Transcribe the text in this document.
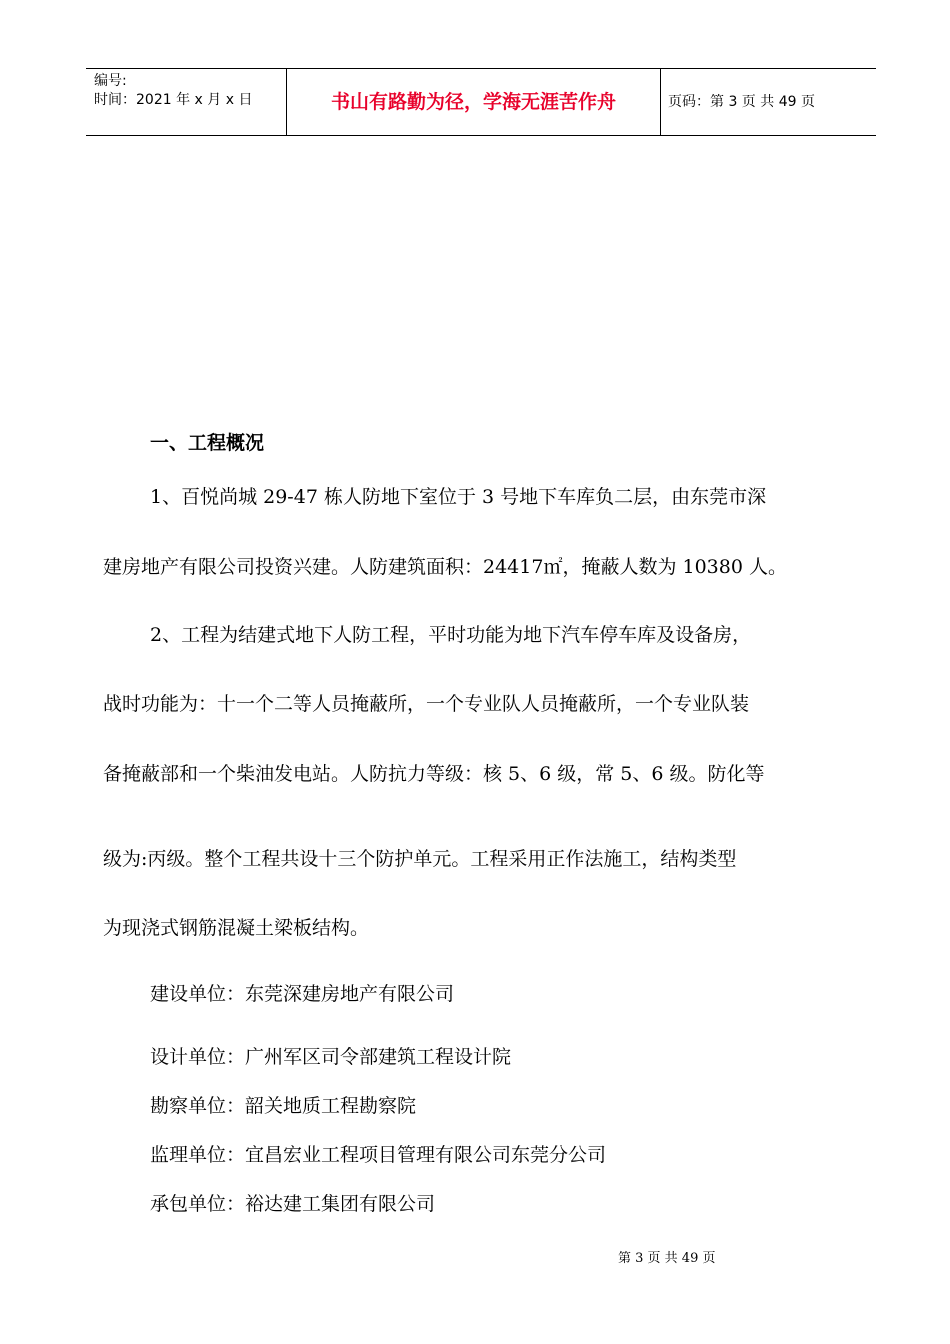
编号:
时间：2021 年 x 月 x 日	书山有路勤为径，学海无涯苦作舟	页码：第 3 页 共 49 页
一、工程概况
1、百悦尚城 29-47 栋人防地下室位于 3 号地下车库负二层，由东莞市深
建房地产有限公司投资兴建。人防建筑面积：24417㎡，掩蔽人数为 10380 人。
2、工程为结建式地下人防工程，平时功能为地下汽车停车库及设备房，
战时功能为：十一个二等人员掩蔽所，一个专业队人员掩蔽所，一个专业队装
备掩蔽部和一个柴油发电站。人防抗力等级：核 5、6 级，常 5、6 级。防化等
级为:丙级。整个工程共设十三个防护单元。工程采用正作法施工，结构类型
为现浇式钢筋混凝土梁板结构。
建设单位：东莞深建房地产有限公司
设计单位：广州军区司令部建筑工程设计院
勘察单位：韶关地质工程勘察院
监理单位：宜昌宏业工程项目管理有限公司东莞分公司
承包单位：裕达建工集团有限公司
第 3 页 共 49 页
